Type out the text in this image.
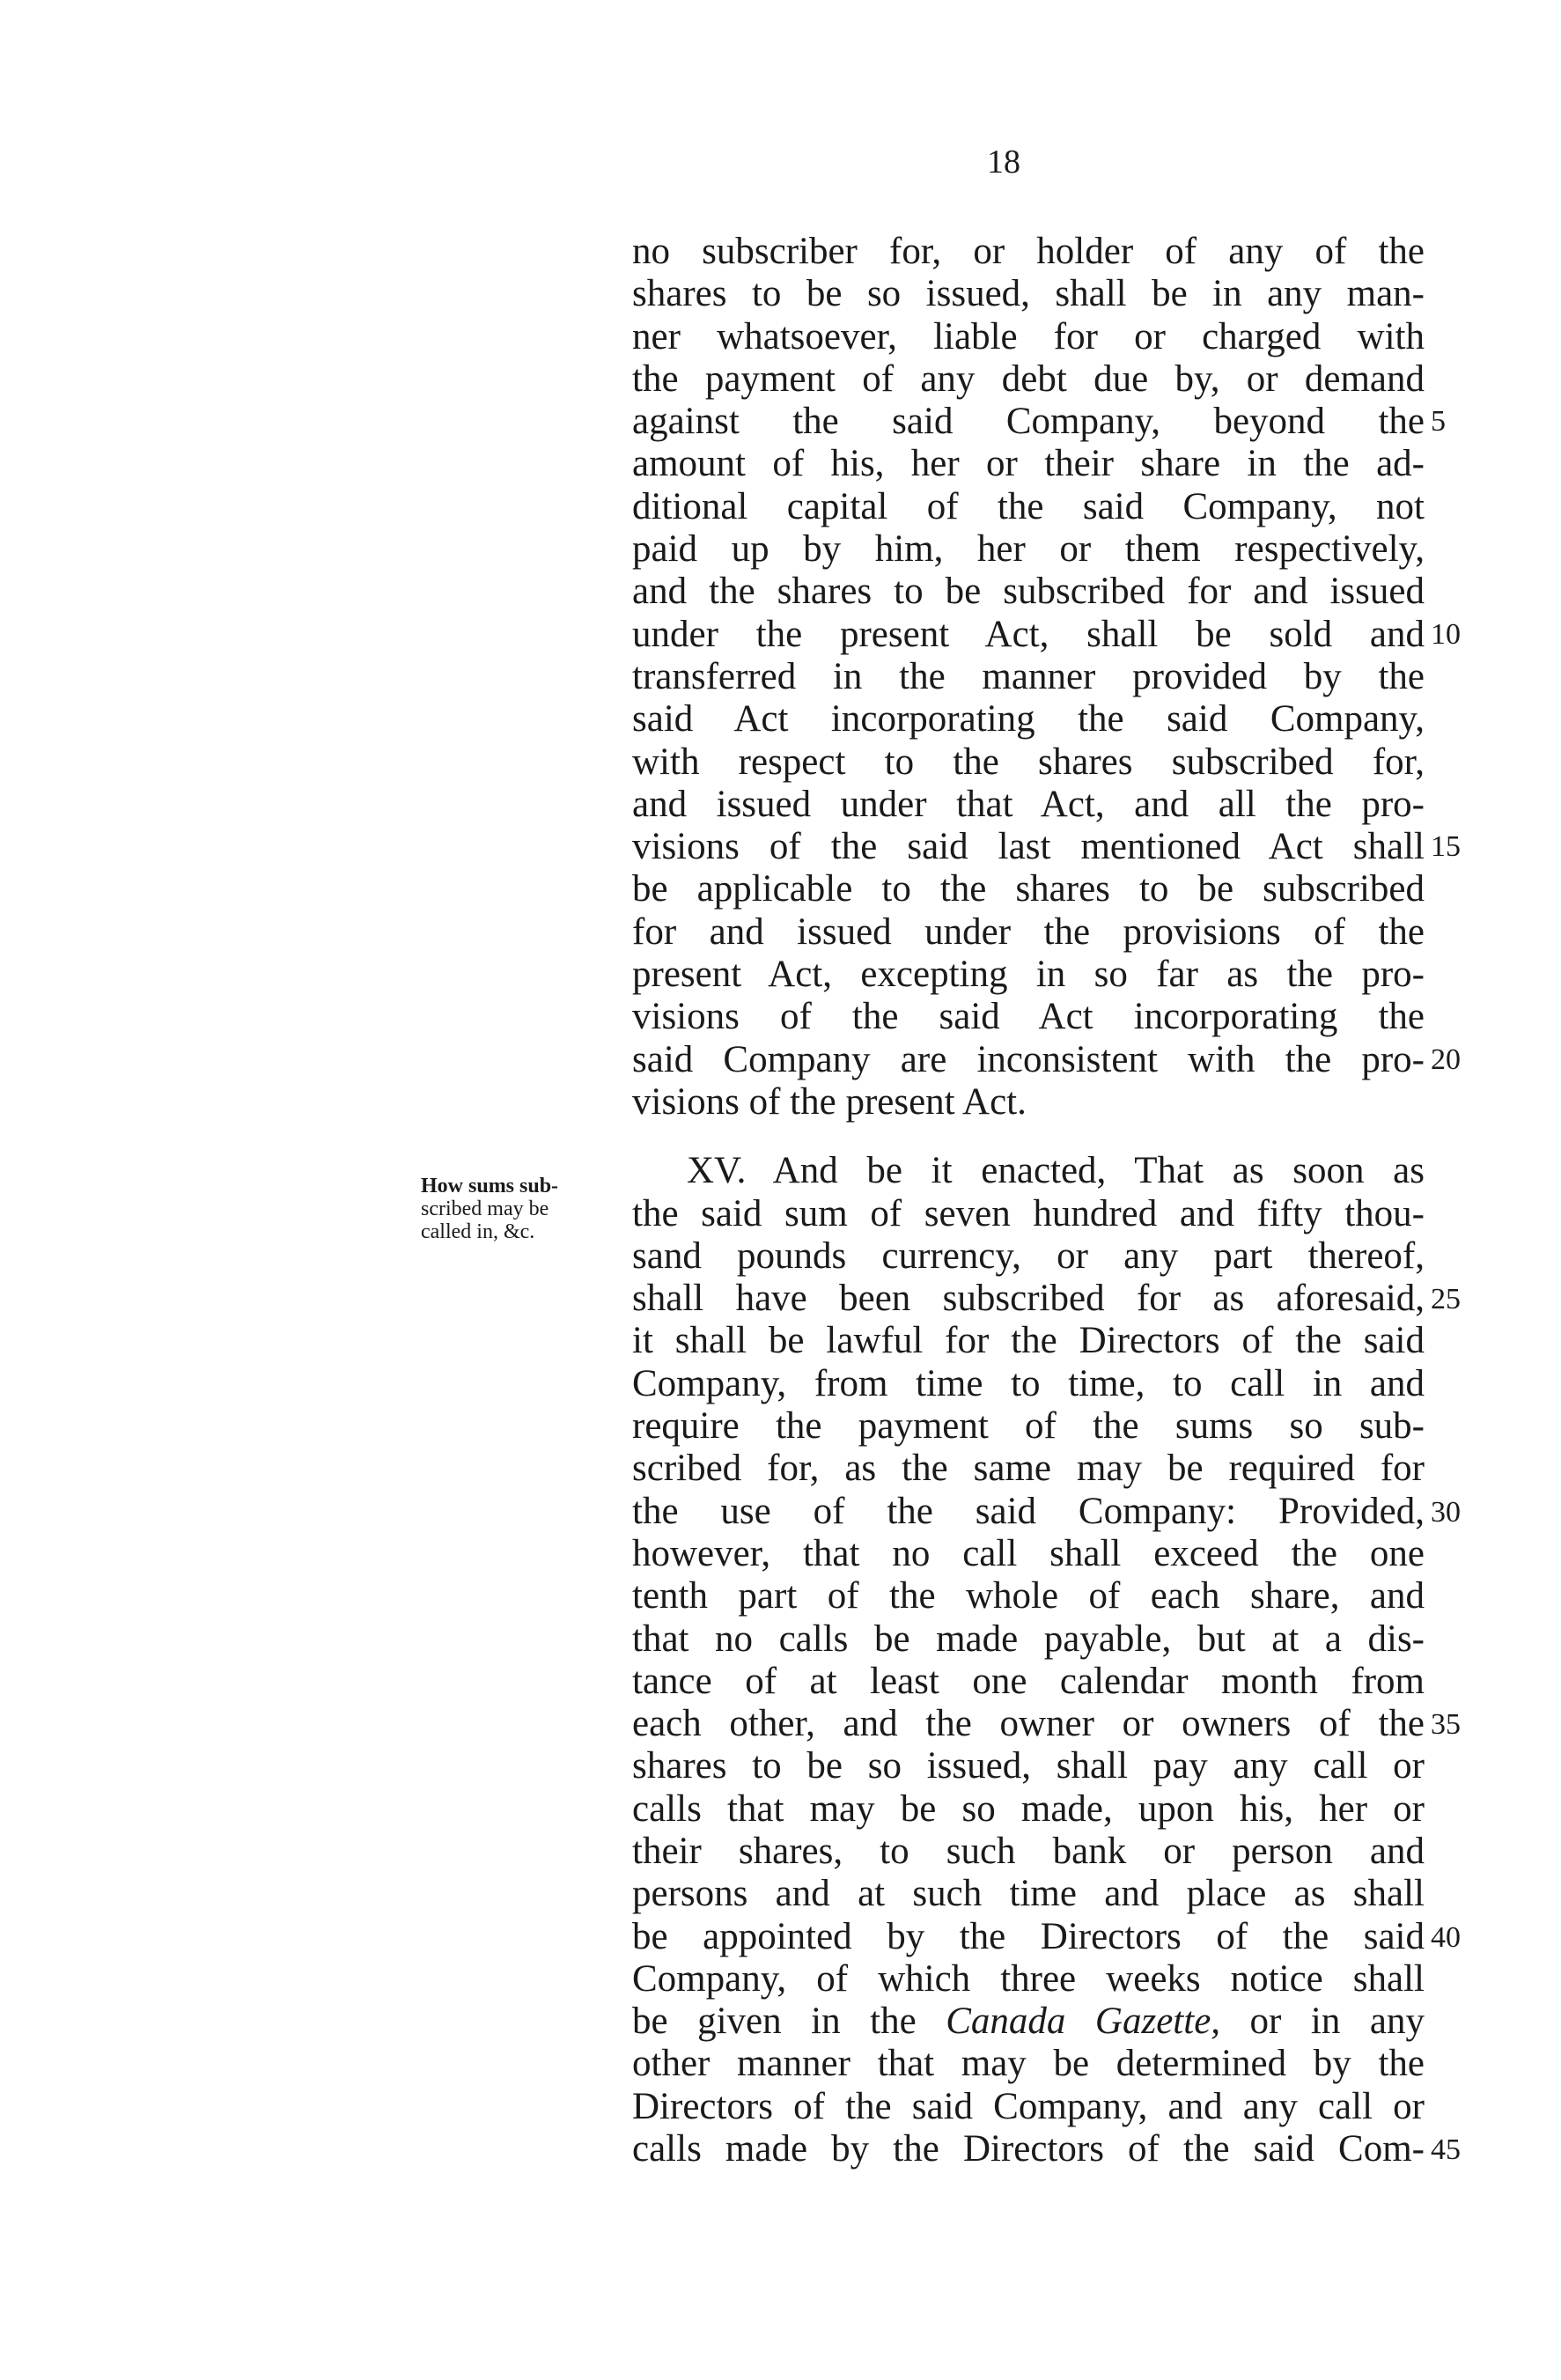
18
How sums sub-
scribed may be
called in, &c.
no subscriber for, or holder of any of the
shares to be so issued, shall be in any man-
ner whatsoever, liable for or charged with
the payment of any debt due by, or demand
against the said Company, beyond the
amount of his, her or their share in the ad-
ditional capital of the said Company, not
paid up by him, her or them respectively,
and the shares to be subscribed for and issued
under the present Act, shall be sold and
transferred in the manner provided by the
said Act incorporating the said Company,
with respect to the shares subscribed for,
and issued under that Act, and all the pro-
visions of the said last mentioned Act shall
be applicable to the shares to be subscribed
for and issued under the provisions of the
present Act, excepting in so far as the pro-
visions of the said Act incorporating the
said Company are inconsistent with the pro-
visions of the present Act.
XV. And be it enacted, That as soon as
the said sum of seven hundred and fifty thou-
sand pounds currency, or any part thereof,
shall have been subscribed for as aforesaid,
it shall be lawful for the Directors of the said
Company, from time to time, to call in and
require the payment of the sums so sub-
scribed for, as the same may be required for
the use of the said Company: Provided,
however, that no call shall exceed the one
tenth part of the whole of each share, and
that no calls be made payable, but at a dis-
tance of at least one calendar month from
each other, and the owner or owners of the
shares to be so issued, shall pay any call or
calls that may be so made, upon his, her or
their shares, to such bank or person and
persons and at such time and place as shall
be appointed by the Directors of the said
Company, of which three weeks notice shall
be given in the Canada Gazette, or in any
other manner that may be determined by the
Directors of the said Company, and any call or
calls made by the Directors of the said Com-
5
10
15
20
25
30
35
40
45
